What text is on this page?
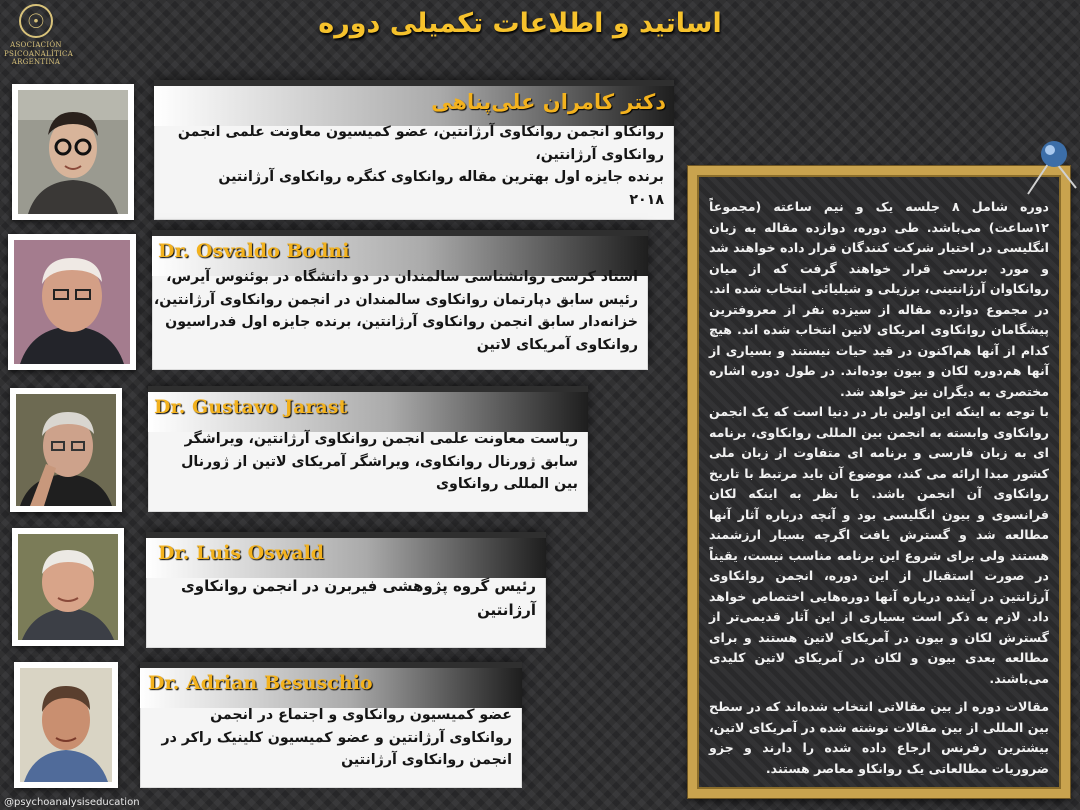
☉
ASOCIACIÓN
PSICOANALÍTICA
ARGENTINA
اساتید و اطلاعات تکمیلی دوره
دکتر کامران علی‌پناهی
روانکاو انجمن روانکاوی آرژانتین، عضو کمیسیون معاونت علمی انجمن
روانکاوی آرژانتین،
برنده جایزه اول بهترین مقاله روانکاوی کنگره روانکاوی آرژانتین
۲۰۱۸
Dr. Osvaldo Bodni
استاد کرسی روانشناسی سالمندان در دو دانشگاه در بوئنوس آیرس،
رئیس سابق دپارتمان روانکاوی سالمندان در انجمن روانکاوی آرژانتین،
خزانه‌دار سابق انجمن روانکاوی آرژانتین، برنده جایزه اول فدراسیون
روانکاوی آمریکای لاتین
Dr. Gustavo Jarast
ریاست معاونت علمی انجمن روانکاوی آرژانتین، ویراشگر
سابق ژورنال روانکاوی، ویراشگر آمریکای لاتین از ژورنال
بین المللی روانکاوی
Dr. Luis Oswald
رئیس گروه پژوهشی فیربرن در انجمن روانکاوی
آرژانتین
Dr. Adrian Besuschio
عضو کمیسیون روانکاوی و اجتماع در انجمن
روانکاوی آرژانتین و عضو کمیسیون کلینیک راکر در
انجمن روانکاوی آرژانتین

دوره شامل ۸ جلسه یک و نیم ساعته (مجموعاً ۱۲ساعت) می‌باشد. طی دوره، دوازده مقاله به زبان انگلیسی در اختیار شرکت کنندگان قرار داده خواهند شد و مورد بررسی قرار خواهند گرفت که از میان روانکاوان آرژانتینی، برزیلی و شیلیائی انتخاب شده اند. در مجموع دوازده مقاله از سیزده نفر از معروفترین پیشگامان روانکاوی امریکای لاتین انتخاب شده اند. هیچ کدام از آنها هم‌اکنون در قید حیات نیستند و بسیاری از آنها هم‌دوره لکان و بیون بوده‌اند. در طول دوره اشاره مختصری به دیگران نیز خواهد شد.

با توجه به اینکه این اولین بار در دنیا است که یک انجمن روانکاوی وابسته به انجمن بین المللی روانکاوی، برنامه ای به زبان فارسی و برنامه ای متفاوت از زبان ملی کشور مبدا ارائه می کند، موضوع آن باید مرتبط با تاریخ روانکاوی آن انجمن باشد. با نظر به اینکه لکان فرانسوی و بیون انگلیسی بود و آنچه درباره آثار آنها مطالعه شد و گسترش یافت اگرچه بسیار ارزشمند هستند ولی برای شروع این برنامه مناسب نیست، یقیناً در صورت استقبال از این دوره، انجمن روانکاوی آرژانتین در آینده درباره آنها دوره‌هایی اختصاص خواهد داد. لازم به ذکر است بسیاری از این آثار قدیمی‌تر از گسترش لکان و بیون در آمریکای لاتین هستند و برای مطالعه بعدی بیون و لکان در آمریکای لاتین کلیدی می‌باشند.

مقالات دوره از بین مقالاتی انتخاب شده‌اند که در سطح بین المللی از بین مقالات نوشته شده در آمریکای لاتین، بیشترین رفرنس ارجاع داده شده را دارند و جزو ضروریات مطالعاتی یک روانکاو معاصر هستند.

@psychoanalysiseducation
